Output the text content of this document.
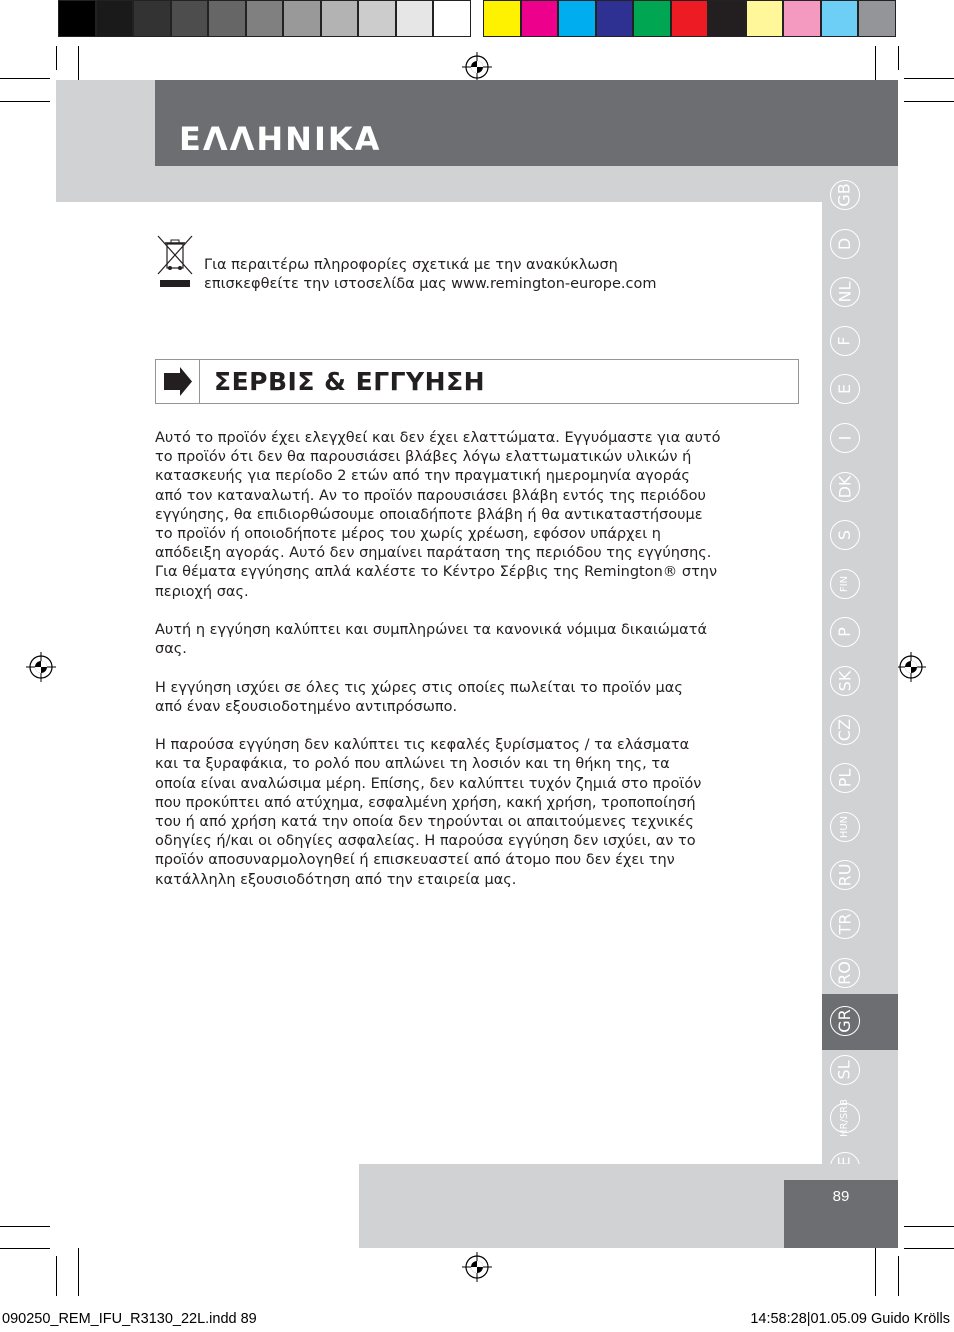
ΕΛΛΗΝΙΚΑ
GB
D
NL
F
E
I
DK
S
FIN
P
SK
CZ
PL
HUN
RU
TR
RO
GR
SL
HR/SRB

Για περαιτέρω πληροφορίες σχετικά με την ανακύκλωση
επισκεφθείτε την ιστοσελίδα μας www.remington-europe.com

ΣΕΡΒΙΣ & ΕΓΓΥΗΣΗ

Αυτό το προϊόν έχει ελεγχθεί και δεν έχει ελαττώματα. Εγγυόμαστε για αυτό
το προϊόν ότι δεν θα παρουσιάσει βλάβες λόγω ελαττωματικών υλικών ή
κατασκευής για περίοδο 2 ετών από την πραγματική ημερομηνία αγοράς
από τον καταναλωτή. Αν το προϊόν παρουσιάσει βλάβη εντός της περιόδου
εγγύησης, θα επιδιορθώσουμε οποιαδήποτε βλάβη ή θα αντικαταστήσουμε
το προϊόν ή οποιοδήποτε μέρος του χωρίς χρέωση, εφόσον υπάρχει η
απόδειξη αγοράς. Αυτό δεν σημαίνει παράταση της περιόδου της εγγύησης.
Για θέματα εγγύησης απλά καλέστε το Κέντρο Σέρβις της Remington® στην
περιοχή σας.

Αυτή η εγγύηση καλύπτει και συμπληρώνει τα κανονικά νόμιμα δικαιώματά
σας.

Η εγγύηση ισχύει σε όλες τις χώρες στις οποίες πωλείται το προϊόν μας
από έναν εξουσιοδοτημένο αντιπρόσωπο.

Η παρούσα εγγύηση δεν καλύπτει τις κεφαλές ξυρίσματος / τα ελάσματα
και τα ξυραφάκια, το ρολό που απλώνει τη λοσιόν και τη θήκη της, τα
οποία είναι αναλώσιμα μέρη. Επίσης, δεν καλύπτει τυχόν ζημιά στο προϊόν
που προκύπτει από ατύχημα, εσφαλμένη χρήση, κακή χρήση, τροποποίησή
του ή από χρήση κατά την οποία δεν τηρούνται οι απαιτούμενες τεχνικές
οδηγίες ή/και οι οδηγίες ασφαλείας. Η παρούσα εγγύηση δεν ισχύει, αν το
προϊόν αποσυναρμολογηθεί ή επισκευαστεί από άτομο που δεν έχει την
κατάλληλη εξουσιοδότηση από την εταιρεία μας.

89
090250_REM_IFU_R3130_22L.indd 89	14:58:28|01.05.09 Guido Krölls
